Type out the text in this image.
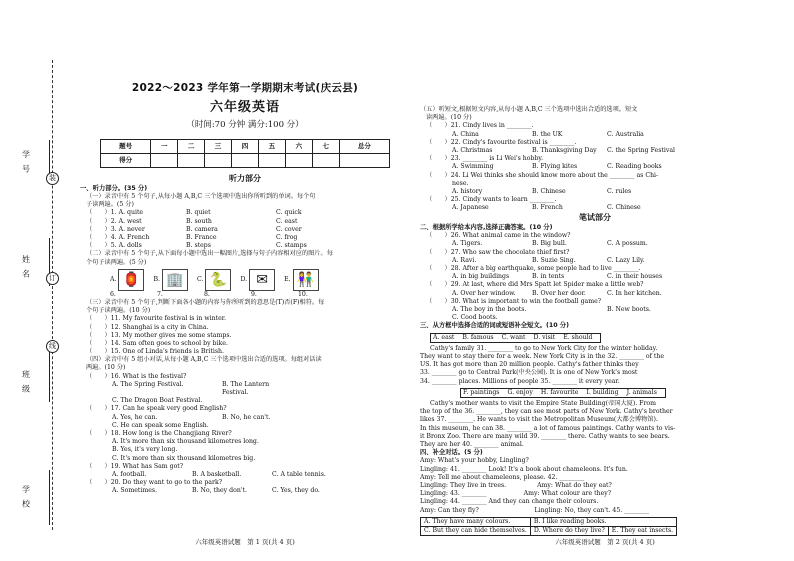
学 号
姓 名
班 级
学 校
装
订
线
2022～2023 学年第一学期期末考试(庆云县)
六年级英语
（时间:70 分钟 满分:100 分）
题号	一	二	三	四	五	六	七	总分
得分								
听力部分
一、听力部分。(35 分)
（一）录音中有 5 个句子,从每小题 A,B,C 三个选项中选出你所听到的单词。每个句
子读两遍。(5 分)
（　　）1. A. quite	B. quiet	C. quick
（　　）2. A. west	B. south	C. east
（　　）3. A. never	B. camera	C. cover
（　　）4. A. French	B. France	C. frog
（　　）5. A. dolls	B. steps	C. stamps
（二）录音中有 5 个句子,从下面每小题中选出一幅图片,选择与句子内容相对应的图片。每
个句子读两遍。(5 分)
A. 🏮	B. 🏢	C. 🐍	D. ✉	E. 👫
6.	7.	8.	9.	10.
（三）录音中有 5 个句子,判断下面各小题的内容与你所听到的意思是(T)否(F)相符。每
个句子读两遍。(10 分)
（　　）11. My favourite festival is in winter.
（　　）12. Shanghai is a city in China.
（　　）13. My mother gives me some stamps.
（　　）14. Sam often goes to school by bike.
（　　）15. One of Linda's friends is British.
（四）录音中有 5 组小对话,从每小题 A,B,C 三个选项中选出合适的选项。每组对话读
两遍。(10 分)
（　　）16. What is the festival?
A. The Spring Festival.	B. The Lantern Festival.
C. The Dragon Boat Festival.
（　　）17. Can he speak very good English?
A. Yes, he can.	B. No, he can't.
C. He can speak some English.
（　　）18. How long is the Changjiang River?
A. It's more than six thousand kilometres long.
B. Yes, it's very long.
C. It's more than six thousand kilometres big.
（　　）19. What has Sam got?
A. football.	B. A basketball.	C. A table tennis.
（　　）20. Do they want to go to the park?
A. Sometimes.	B. No, they don't.	C. Yes, they do.
六年级英语试题　第 1 页(共 4 页)
（五）听短文,根据短文内容,从每小题 A,B,C 三个选项中选出合适的选项。短文
读两遍。(10 分)
（　　）21. Cindy lives in ________.
A. China	B. the UK	C. Australia
（　　）22. Cindy's favourite festival is ________.
A. Christmas	B. Thanksgiving Day	C. the Spring Festival
（　　）23. ________ is Li Wei's hobby.
A. Swimming	B. Flying kites	C. Reading books
（　　）24. Li Wei thinks she should know more about the ________ as Chi-
nese.
A. history	B. Chinese	C. rules
（　　）25. Cindy wants to learn ________.
A. Japanese	B. French	C. Chinese
笔试部分
二、根据所学给本内容,选择正确答案。(10 分)
（　　）26. What animal came in the window?
A. Tigers.	B. Big bull.	C. A possum.
（　　）27. Who saw the chocolate thief first?
A. Ravi.	B. Suzie Sing.	C. Lazy Lily.
（　　）28. After a big earthquake, some people had to live ________.
A. in big buildings	B. in tents	C. in their houses
（　　）29. At last, where did Mrs Spatt let Spider make a little web?
A. Over her window.	B. Over her door.	C. In her kitchen.
（　　）30. What is important to win the football game?
A. The boy in the boots.	B. New boots.
C. Cood boots.
三、从方框中选择合适的词或短语补全短文。(10 分)
A. east B. famous C. want D. visit E. should
Cathy's family 31. ________ to go to New York City for the winter holiday.
They want to stay there for a week. New York City is in the 32. ________ of the
US. It has got more than 20 million people. Cathy's father thinks they
33. ________ go to Central Park(中央公园). It is one of New York's most
34. ________ places. Millions of people 35. ________ it every year.
F. paintings G. enjoy H. favourite I. building J. animals
Cathy's mother wants to visit the Empire State Building(帝国大厦). From
the top of the 36. ________, they can see most parts of New York. Cathy's brother
likes 37. ________. He wants to visit the Metropolitan Museum(大都会博物馆).
In this museum, he can 38. ________ a lot of famous paintings. Cathy wants to vis-
it Bronx Zoo. There are many wild 39. ________ there. Cathy wants to see bears.
They are her 40. ________ animal.
四、补全对话。(5 分)
Amy: What's your hobby, Lingling?
Lingling: 41. ________ Look! It's a book about chameleons. It's fun.
Amy: Tell me about chameleons, please. 42. ________
Lingling: They live in trees.　　　　　Amy: What do they eat?
Lingling: 43. ________　　　　　　Amy: What colour are they?
Lingling: 44. ________ And they can change their colours.
Amy: Can they fly?　　　　　　　　　Lingling: No, they can't. 45. ________
A. They have many colours.	B. I like reading books.	
C. But they can hide themselves.	D. Where do they live?	E. They eat insects.
六年级英语试题　第 2 页(共 4 页)
